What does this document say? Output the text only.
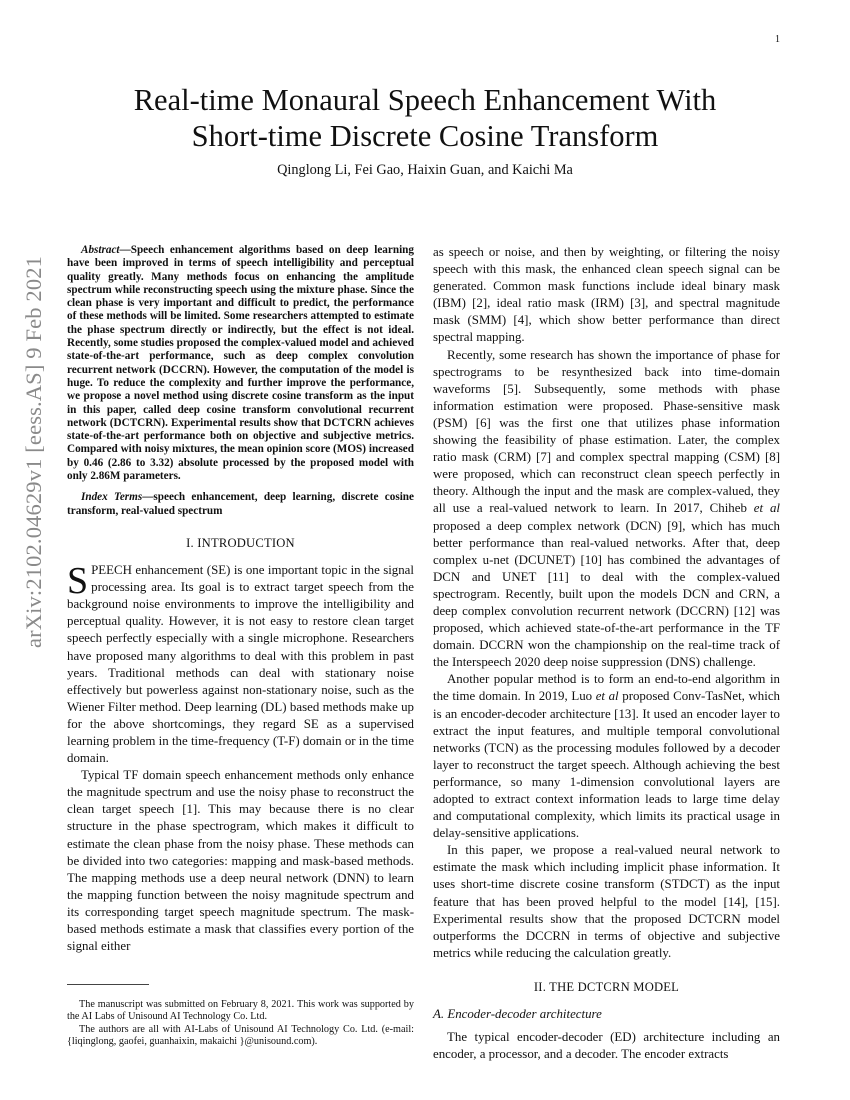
1
arXiv:2102.04629v1 [eess.AS] 9 Feb 2021
Real-time Monaural Speech Enhancement With
Short-time Discrete Cosine Transform
Qinglong Li, Fei Gao, Haixin Guan, and Kaichi Ma

Abstract—Speech enhancement algorithms based on deep learning have been improved in terms of speech intelligibility and perceptual quality greatly. Many methods focus on enhancing the amplitude spectrum while reconstructing speech using the mixture phase. Since the clean phase is very important and difficult to predict, the performance of these methods will be limited. Some researchers attempted to estimate the phase spectrum directly or indirectly, but the effect is not ideal. Recently, some studies proposed the complex-valued model and achieved state-of-the-art performance, such as deep complex convolution recurrent network (DCCRN). However, the computation of the model is huge. To reduce the complexity and further improve the performance, we propose a novel method using discrete cosine transform as the input in this paper, called deep cosine transform convolutional recurrent network (DCTCRN). Experimental results show that DCTCRN achieves state-of-the-art performance both on objective and subjective metrics. Compared with noisy mixtures, the mean opinion score (MOS) increased by 0.46 (2.86 to 3.32) absolute processed by the proposed model with only 2.86M parameters.

Index Terms—speech enhancement, deep learning, discrete cosine transform, real-valued spectrum

I. INTRODUCTION

SPEECH enhancement (SE) is one important topic in the signal processing area. Its goal is to extract target speech from the background noise environments to improve the intelligibility and perceptual quality. However, it is not easy to restore clean target speech perfectly especially with a single microphone. Researchers have proposed many algorithms to deal with this problem in past years. Traditional methods can deal with stationary noise effectively but powerless against non-stationary noise, such as the Wiener Filter method. Deep learning (DL) based methods make up for the above shortcomings, they regard SE as a supervised learning problem in the time-frequency (T-F) domain or in the time domain.

Typical TF domain speech enhancement methods only enhance the magnitude spectrum and use the noisy phase to reconstruct the clean target speech [1]. This may because there is no clear structure in the phase spectrogram, which makes it difficult to estimate the clean phase from the noisy phase. These methods can be divided into two categories: mapping and mask-based methods. The mapping methods use a deep neural network (DNN) to learn the mapping function between the noisy magnitude spectrum and its corresponding target speech magnitude spectrum. The mask-based methods estimate a mask that classifies every portion of the signal either

as speech or noise, and then by weighting, or filtering the noisy speech with this mask, the enhanced clean speech signal can be generated. Common mask functions include ideal binary mask (IBM) [2], ideal ratio mask (IRM) [3], and spectral magnitude mask (SMM) [4], which show better performance than direct spectral mapping.

Recently, some research has shown the importance of phase for spectrograms to be resynthesized back into time-domain waveforms [5]. Subsequently, some methods with phase information estimation were proposed. Phase-sensitive mask (PSM) [6] was the first one that utilizes phase information showing the feasibility of phase estimation. Later, the complex ratio mask (CRM) [7] and complex spectral mapping (CSM) [8] were proposed, which can reconstruct clean speech perfectly in theory. Although the input and the mask are complex-valued, they all use a real-valued network to learn. In 2017, Chiheb et al proposed a deep complex network (DCN) [9], which has much better performance than real-valued networks. After that, deep complex u-net (DCUNET) [10] has combined the advantages of DCN and UNET [11] to deal with the complex-valued spectrogram. Recently, built upon the models DCN and CRN, a deep complex convolution recurrent network (DCCRN) [12] was proposed, which achieved state-of-the-art performance in the TF domain. DCCRN won the championship on the real-time track of the Interspeech 2020 deep noise suppression (DNS) challenge.

Another popular method is to form an end-to-end algorithm in the time domain. In 2019, Luo et al proposed Conv-TasNet, which is an encoder-decoder architecture [13]. It used an encoder layer to extract the input features, and multiple temporal convolutional networks (TCN) as the processing modules followed by a decoder layer to reconstruct the target speech. Although achieving the best performance, so many 1-dimension convolutional layers are adopted to extract context information leads to large time delay and computational complexity, which limits its practical usage in delay-sensitive applications.

In this paper, we propose a real-valued neural network to estimate the mask which including implicit phase information. It uses short-time discrete cosine transform (STDCT) as the input feature that has been proved helpful to the model [14], [15]. Experimental results show that the proposed DCTCRN model outperforms the DCCRN in terms of objective and subjective metrics while reducing the calculation greatly.

II. THE DCTCRN MODEL
A. Encoder-decoder architecture

The typical encoder-decoder (ED) architecture including an encoder, a processor, and a decoder. The encoder extracts

The manuscript was submitted on February 8, 2021. This work was supported by the AI Labs of Unisound AI Technology Co. Ltd.

The authors are all with AI-Labs of Unisound AI Technology Co. Ltd. (e-mail: {liqinglong, gaofei, guanhaixin, makaichi }@unisound.com).
